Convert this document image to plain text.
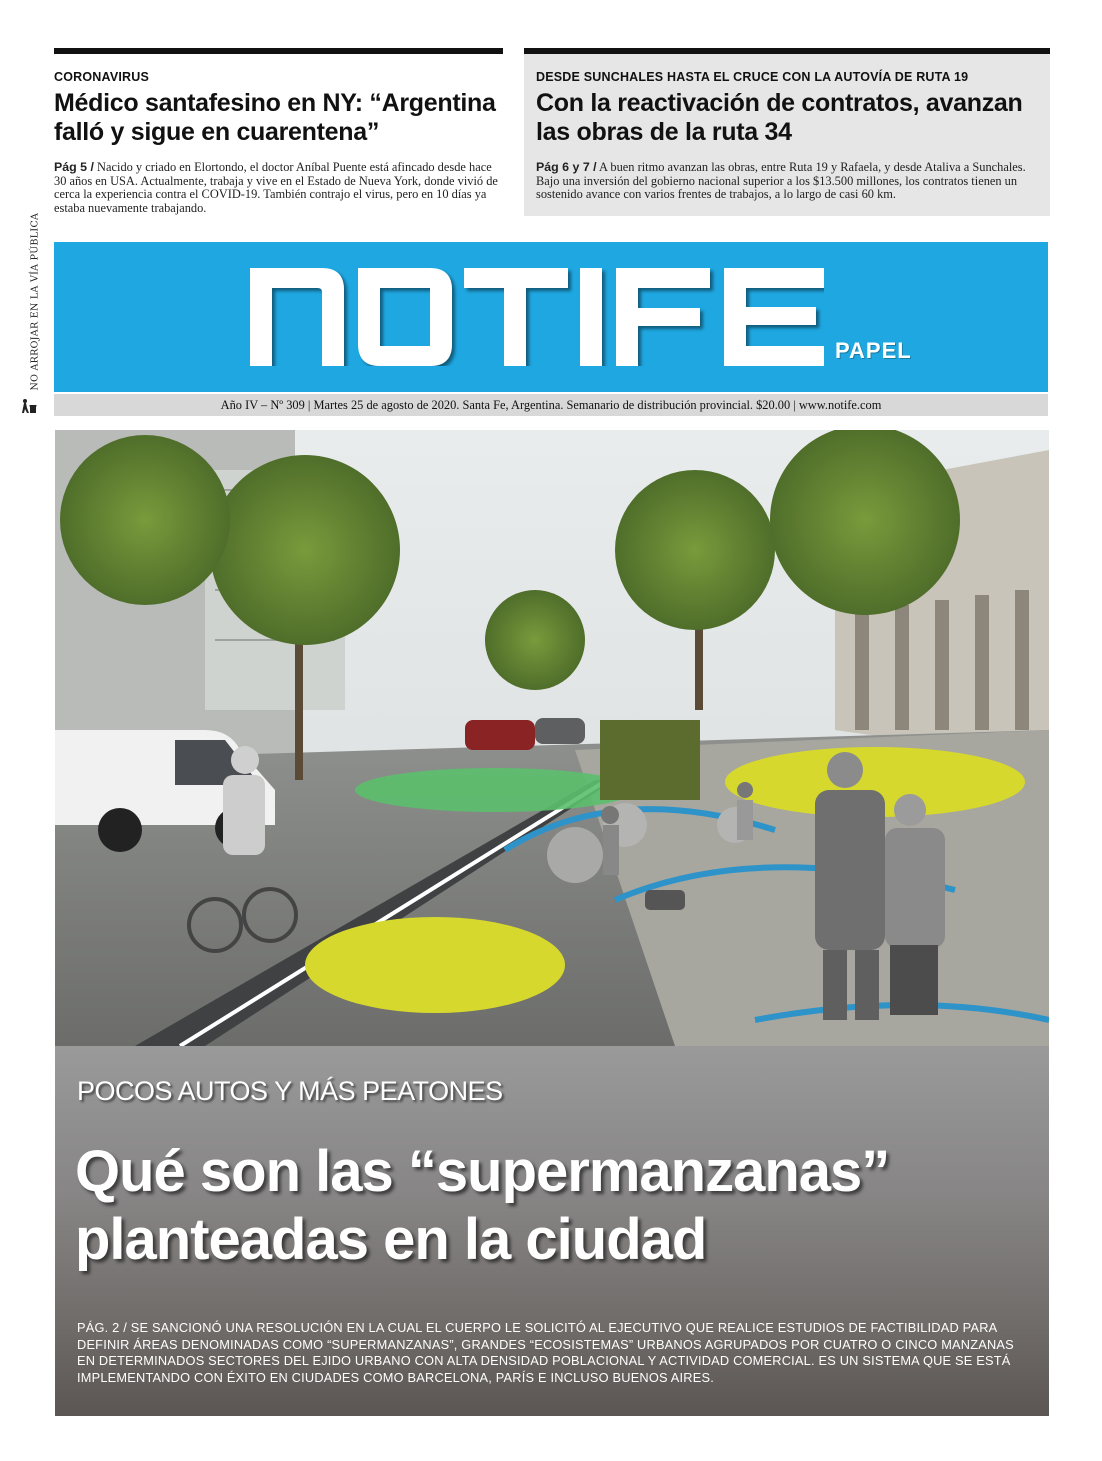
NO ARROJAR EN LA VÍA PÚBLICA
CORONAVIRUS
Médico santafesino en NY: “Argentina falló y sigue en cuarentena”
Pág 5 / Nacido y criado en Elortondo, el doctor Aníbal Puente está afincado desde hace 30 años en USA. Actualmente, trabaja y vive en el Estado de Nueva York, donde vivió de cerca la experiencia contra el COVID-19. También contrajo el virus, pero en 10 días ya estaba nuevamente trabajando.
DESDE SUNCHALES HASTA EL CRUCE CON LA AUTOVÍA DE RUTA 19
Con la reactivación de contratos, avanzan las obras de la ruta 34
Pág 6 y 7 / A buen ritmo avanzan las obras, entre Ruta 19 y Rafaela, y desde Ataliva a Sunchales. Bajo una inversión del gobierno nacional superior a los $13.500 millones, los contratos tienen un sostenido avance con varios frentes de trabajos, a lo largo de casi 60 km.
PAPEL
Año IV – Nº 309 | Martes 25 de agosto de 2020. Santa Fe, Argentina. Semanario de distribución provincial. $20.00 | www.notife.com
POCOS AUTOS Y MÁS PEATONES
Qué son las “supermanzanas” planteadas en la ciudad
PÁG. 2 / SE SANCIONÓ UNA RESOLUCIÓN EN LA CUAL EL CUERPO LE SOLICITÓ AL EJECUTIVO QUE REALICE ESTUDIOS DE FACTIBILIDAD PARA DEFINIR ÁREAS DENOMINADAS COMO “SUPERMANZANAS”, GRANDES “ECOSISTEMAS” URBANOS AGRUPADOS POR CUATRO O CINCO MANZANAS EN DETERMINADOS SECTORES DEL EJIDO URBANO CON ALTA DENSIDAD POBLACIONAL Y ACTIVIDAD COMERCIAL. ES UN SISTEMA QUE SE ESTÁ IMPLEMENTANDO CON ÉXITO EN CIUDADES COMO BARCELONA, PARÍS E INCLUSO BUENOS AIRES.
